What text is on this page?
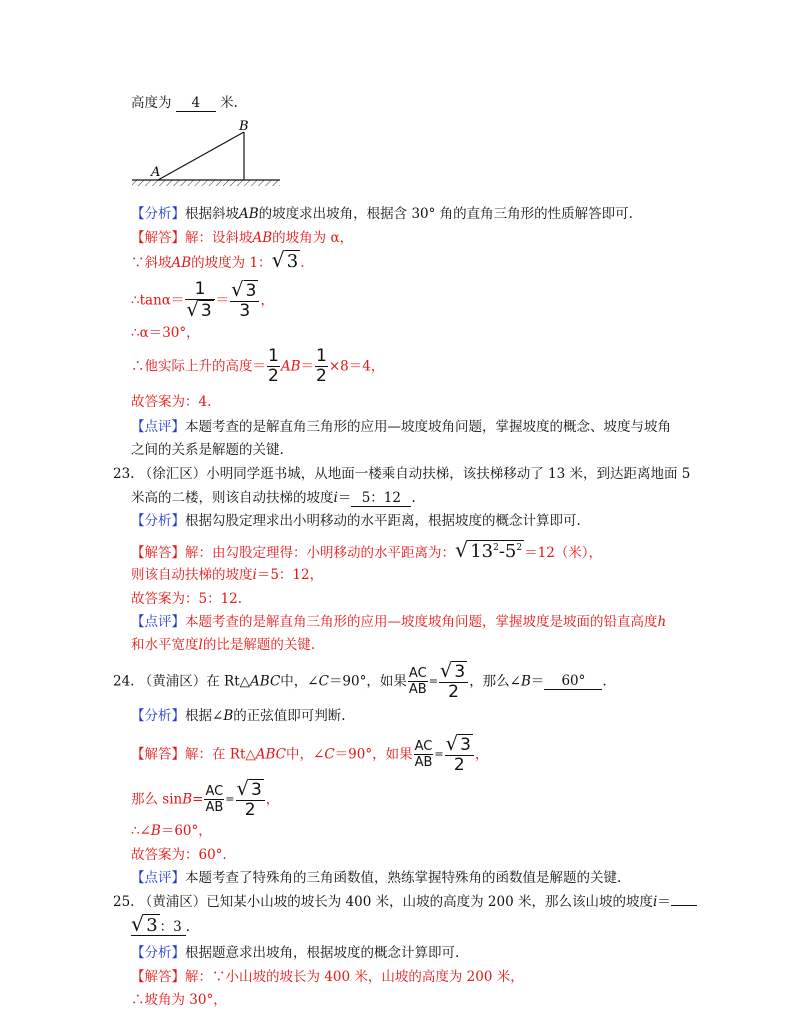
高度为 4 米.
B
A
【分析】根据斜坡AB的坡度求出坡角，根据含 30° 角的直角三角形的性质解答即可.
【解答】解：设斜坡AB的坡角为 α，
∵斜坡AB的坡度为 1：√ 3 .
∴tanα＝ $\frac{1}{√ 3} = \frac{√ 3}{3}$ ，
∴α＝30°，
∴他实际上升的高度＝ $\frac{1}{2} AB= \frac{1}{2} \times 8=4$，
故答案为：4.
【点评】本题考查的是解直角三角形的应用—坡度坡角问题，掌握坡度的概念、坡度与坡角
之间的关系是解题的关键.
23. （徐汇区）小明同学逛书城，从地面一楼乘自动扶梯，该扶梯移动了 13 米，到达距离地面 5
米高的二楼，则该自动扶梯的坡度i＝ 5：12 .
【分析】根据勾股定理求出小明移动的水平距离，根据坡度的概念计算即可.
【解答】解：由勾股定理得：小明移动的水平距离为：√ $13^2-5^2 =12$（米），
则该自动扶梯的坡度i＝5：12，
故答案为：5：12.
【点评】本题考查的是解直角三角形的应用—坡度坡角问题，掌握坡度是坡面的铅直高度h
和水平宽度l的比是解题的关键.
24. （黄浦区）在 Rt△ABC中，∠C＝90°，如果 $\frac{AC}{AB} = \frac{√ 3}{2}$ ，那么∠B＝ 60° .
【分析】根据∠B的正弦值即可判断.
【解答】解：在 Rt△ABC中，∠C＝90°，如果 $\frac{AC}{AB} = \frac{√ 3}{2}$ ，
那么 $\sin B= \frac{AC}{AB} = \frac{√ 3}{2}$ ，
∴∠B＝60°，
故答案为：60°.
【点评】本题考查了特殊角的三角函数值，熟练掌握特殊角的函数值是解题的关键.
25. （黄浦区）已知某小山坡的坡长为 400 米，山坡的高度为 200 米，那么该山坡的坡度i＝
√ 3 ：3 .
【分析】根据题意求出坡角，根据坡度的概念计算即可.
【解答】解：∵小山坡的坡长为 400 米，山坡的高度为 200 米，
∴坡角为 30°，
